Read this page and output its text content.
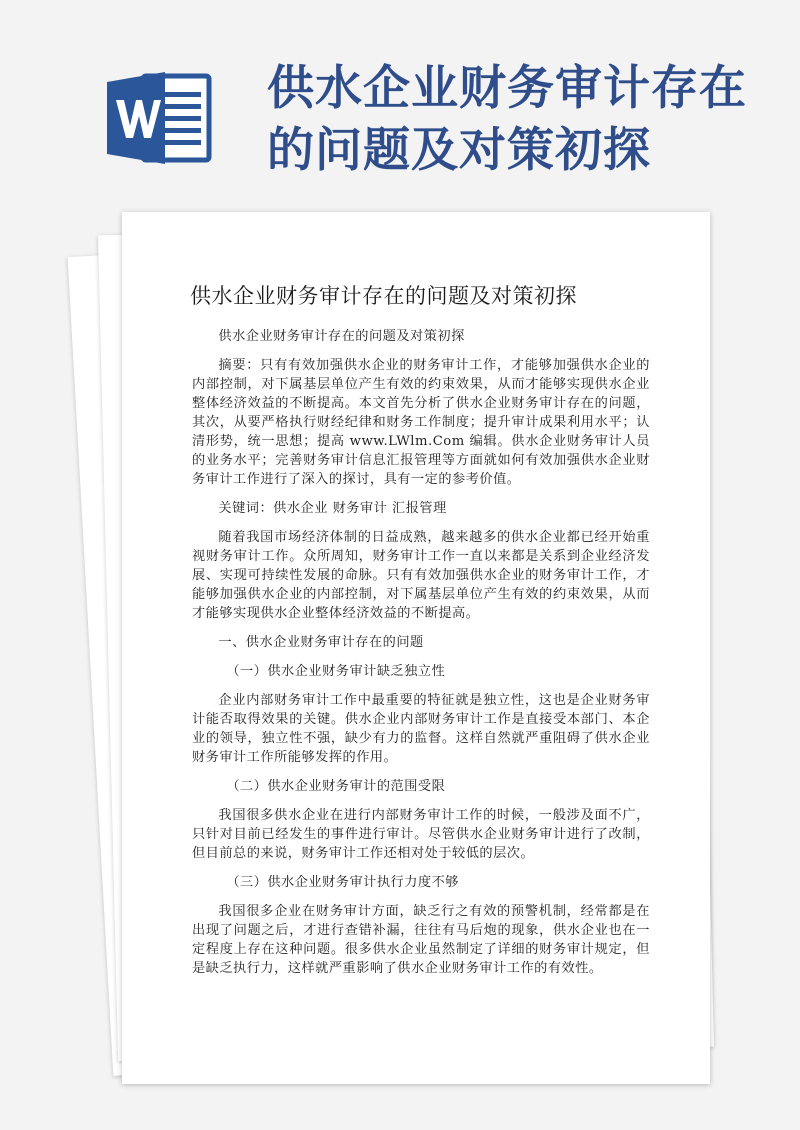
供水企业财务审计存在
的问题及对策初探
供水企业财务审计存在的问题及对策初探

供水企业财务审计存在的问题及对策初探

摘要：只有有效加强供水企业的财务审计工作，才能够加强供水企业的内部控制，对下属基层单位产生有效的约束效果，从而才能够实现供水企业整体经济效益的不断提高。本文首先分析了供水企业财务审计存在的问题，其次，从要严格执行财经纪律和财务工作制度；提升审计成果利用水平；认清形势，统一思想；提高 www.LWlm.Com 编辑。供水企业财务审计人员的业务水平；完善财务审计信息汇报管理等方面就如何有效加强供水企业财务审计工作进行了深入的探讨，具有一定的参考价值。

关键词：供水企业 财务审计 汇报管理

随着我国市场经济体制的日益成熟，越来越多的供水企业都已经开始重视财务审计工作。众所周知，财务审计工作一直以来都是关系到企业经济发展、实现可持续性发展的命脉。只有有效加强供水企业的财务审计工作，才能够加强供水企业的内部控制，对下属基层单位产生有效的约束效果，从而才能够实现供水企业整体经济效益的不断提高。

一、供水企业财务审计存在的问题

（一）供水企业财务审计缺乏独立性

企业内部财务审计工作中最重要的特征就是独立性，这也是企业财务审计能否取得效果的关键。供水企业内部财务审计工作是直接受本部门、本企业的领导，独立性不强，缺少有力的监督。这样自然就严重阻碍了供水企业财务审计工作所能够发挥的作用。

（二）供水企业财务审计的范围受限

我国很多供水企业在进行内部财务审计工作的时候，一般涉及面不广，只针对目前已经发生的事件进行审计。尽管供水企业财务审计进行了改制，但目前总的来说，财务审计工作还相对处于较低的层次。

（三）供水企业财务审计执行力度不够

我国很多企业在财务审计方面，缺乏行之有效的预警机制，经常都是在出现了问题之后，才进行查错补漏，往往有马后炮的现象，供水企业也在一定程度上存在这种问题。很多供水企业虽然制定了详细的财务审计规定，但是缺乏执行力，这样就严重影响了供水企业财务审计工作的有效性。
